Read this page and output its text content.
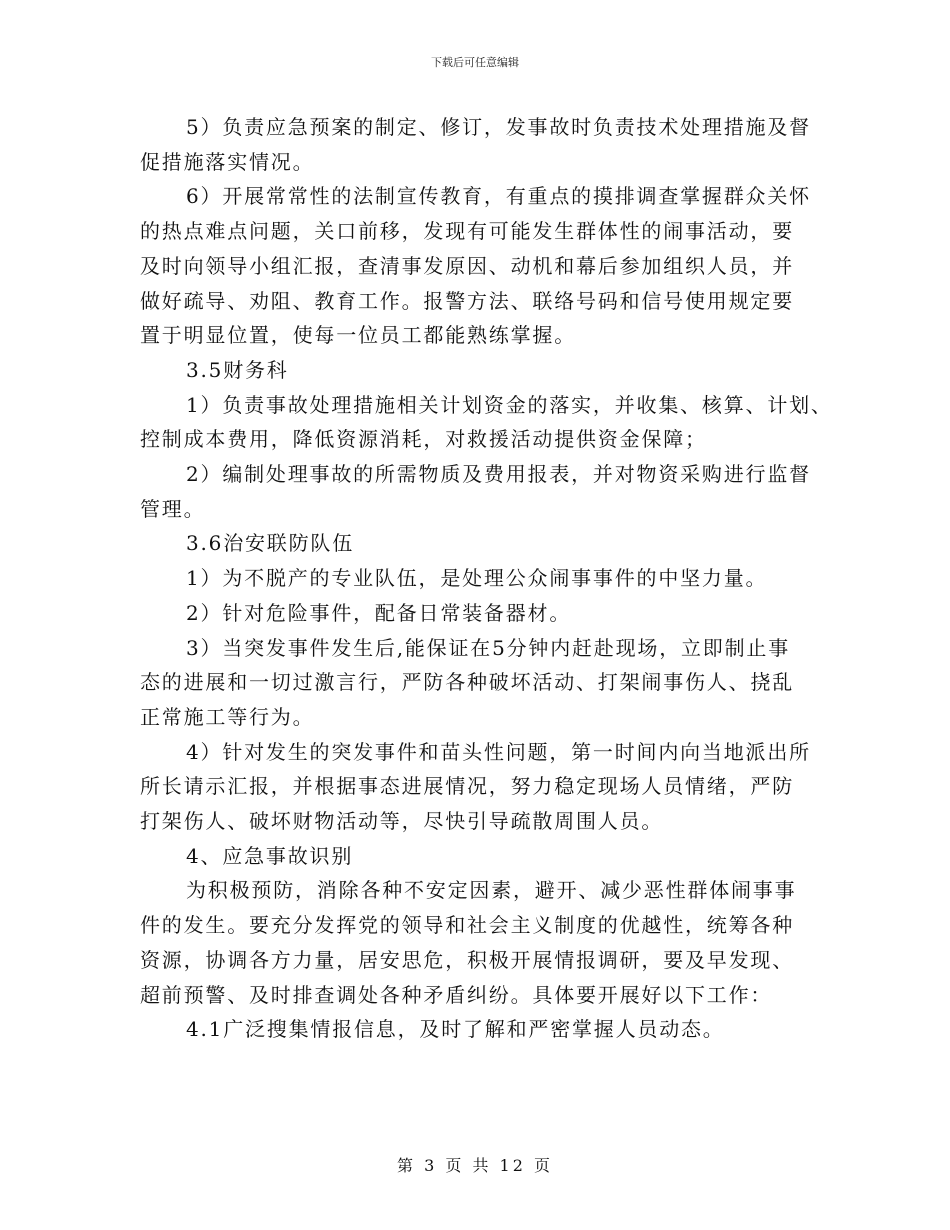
下载后可任意编辑
5）负责应急预案的制定、修订，发事故时负责技术处理措施及督
促措施落实情况。
6）开展常常性的法制宣传教育，有重点的摸排调查掌握群众关怀
的热点难点问题，关口前移，发现有可能发生群体性的闹事活动，要
及时向领导小组汇报，查清事发原因、动机和幕后参加组织人员，并
做好疏导、劝阻、教育工作。报警方法、联络号码和信号使用规定要
置于明显位置，使每一位员工都能熟练掌握。
3.5财务科
1）负责事故处理措施相关计划资金的落实，并收集、核算、计划、
控制成本费用，降低资源消耗，对救援活动提供资金保障；
2）编制处理事故的所需物质及费用报表，并对物资采购进行监督
管理。
3.6治安联防队伍
1）为不脱产的专业队伍，是处理公众闹事事件的中坚力量。
2）针对危险事件，配备日常装备器材。
3）当突发事件发生后,能保证在5分钟内赶赴现场，立即制止事
态的进展和一切过激言行，严防各种破坏活动、打架闹事伤人、挠乱
正常施工等行为。
4）针对发生的突发事件和苗头性问题，第一时间内向当地派出所
所长请示汇报，并根据事态进展情况，努力稳定现场人员情绪，严防
打架伤人、破坏财物活动等，尽快引导疏散周围人员。
4、应急事故识别
为积极预防，消除各种不安定因素，避开、减少恶性群体闹事事
件的发生。要充分发挥党的领导和社会主义制度的优越性，统筹各种
资源，协调各方力量，居安思危，积极开展情报调研，要及早发现、
超前预警、及时排查调处各种矛盾纠纷。具体要开展好以下工作：
4.1广泛搜集情报信息，及时了解和严密掌握人员动态。
第 3 页 共 12 页
